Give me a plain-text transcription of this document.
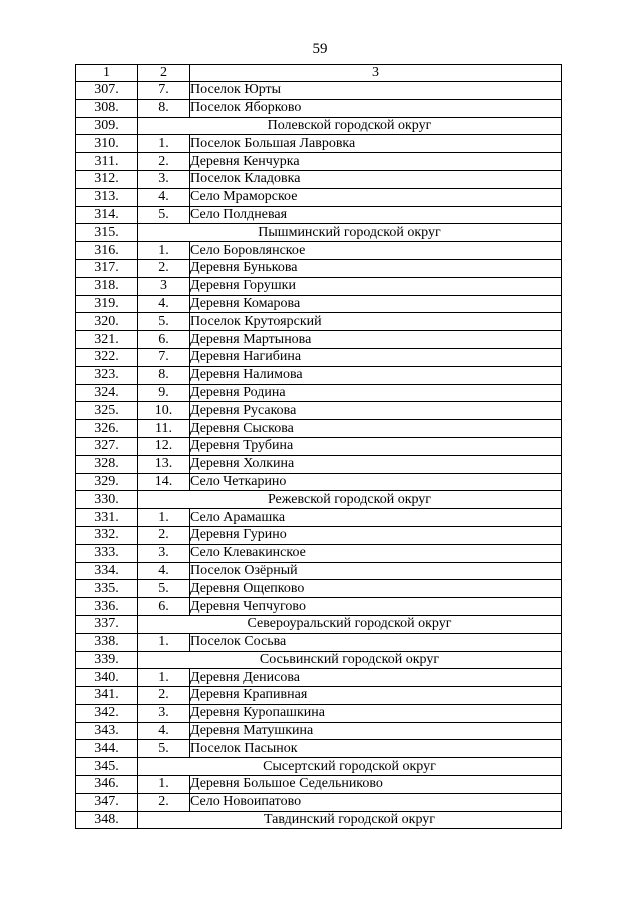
59
1	2	3
307.	7.	Поселок Юрты
308.	8.	Поселок Яборково
309.	Полевской городской округ	
310.	1.	Поселок Большая Лавровка
311.	2.	Деревня Кенчурка
312.	3.	Поселок Кладовка
313.	4.	Село Мраморское
314.	5.	Село Полдневая
315.	Пышминский городской округ	
316.	1.	Село Боровлянское
317.	2.	Деревня Бунькова
318.	3	Деревня Горушки
319.	4.	Деревня Комарова
320.	5.	Поселок Крутоярский
321.	6.	Деревня Мартынова
322.	7.	Деревня Нагибина
323.	8.	Деревня Налимова
324.	9.	Деревня Родина
325.	10.	Деревня Русакова
326.	11.	Деревня Сыскова
327.	12.	Деревня Трубина
328.	13.	Деревня Холкина
329.	14.	Село Четкарино
330.	Режевской городской округ	
331.	1.	Село Арамашка
332.	2.	Деревня Гурино
333.	3.	Село Клевакинское
334.	4.	Поселок Озёрный
335.	5.	Деревня Ощепково
336.	6.	Деревня Чепчугово
337.	Североуральский городской округ	
338.	1.	Поселок Сосьва
339.	Сосьвинский городской округ	
340.	1.	Деревня Денисова
341.	2.	Деревня Крапивная
342.	3.	Деревня Куропашкина
343.	4.	Деревня Матушкина
344.	5.	Поселок Пасынок
345.	Сысертский городской округ	
346.	1.	Деревня Большое Седельниково
347.	2.	Село Новоипатово
348.	Тавдинский городской округ	
